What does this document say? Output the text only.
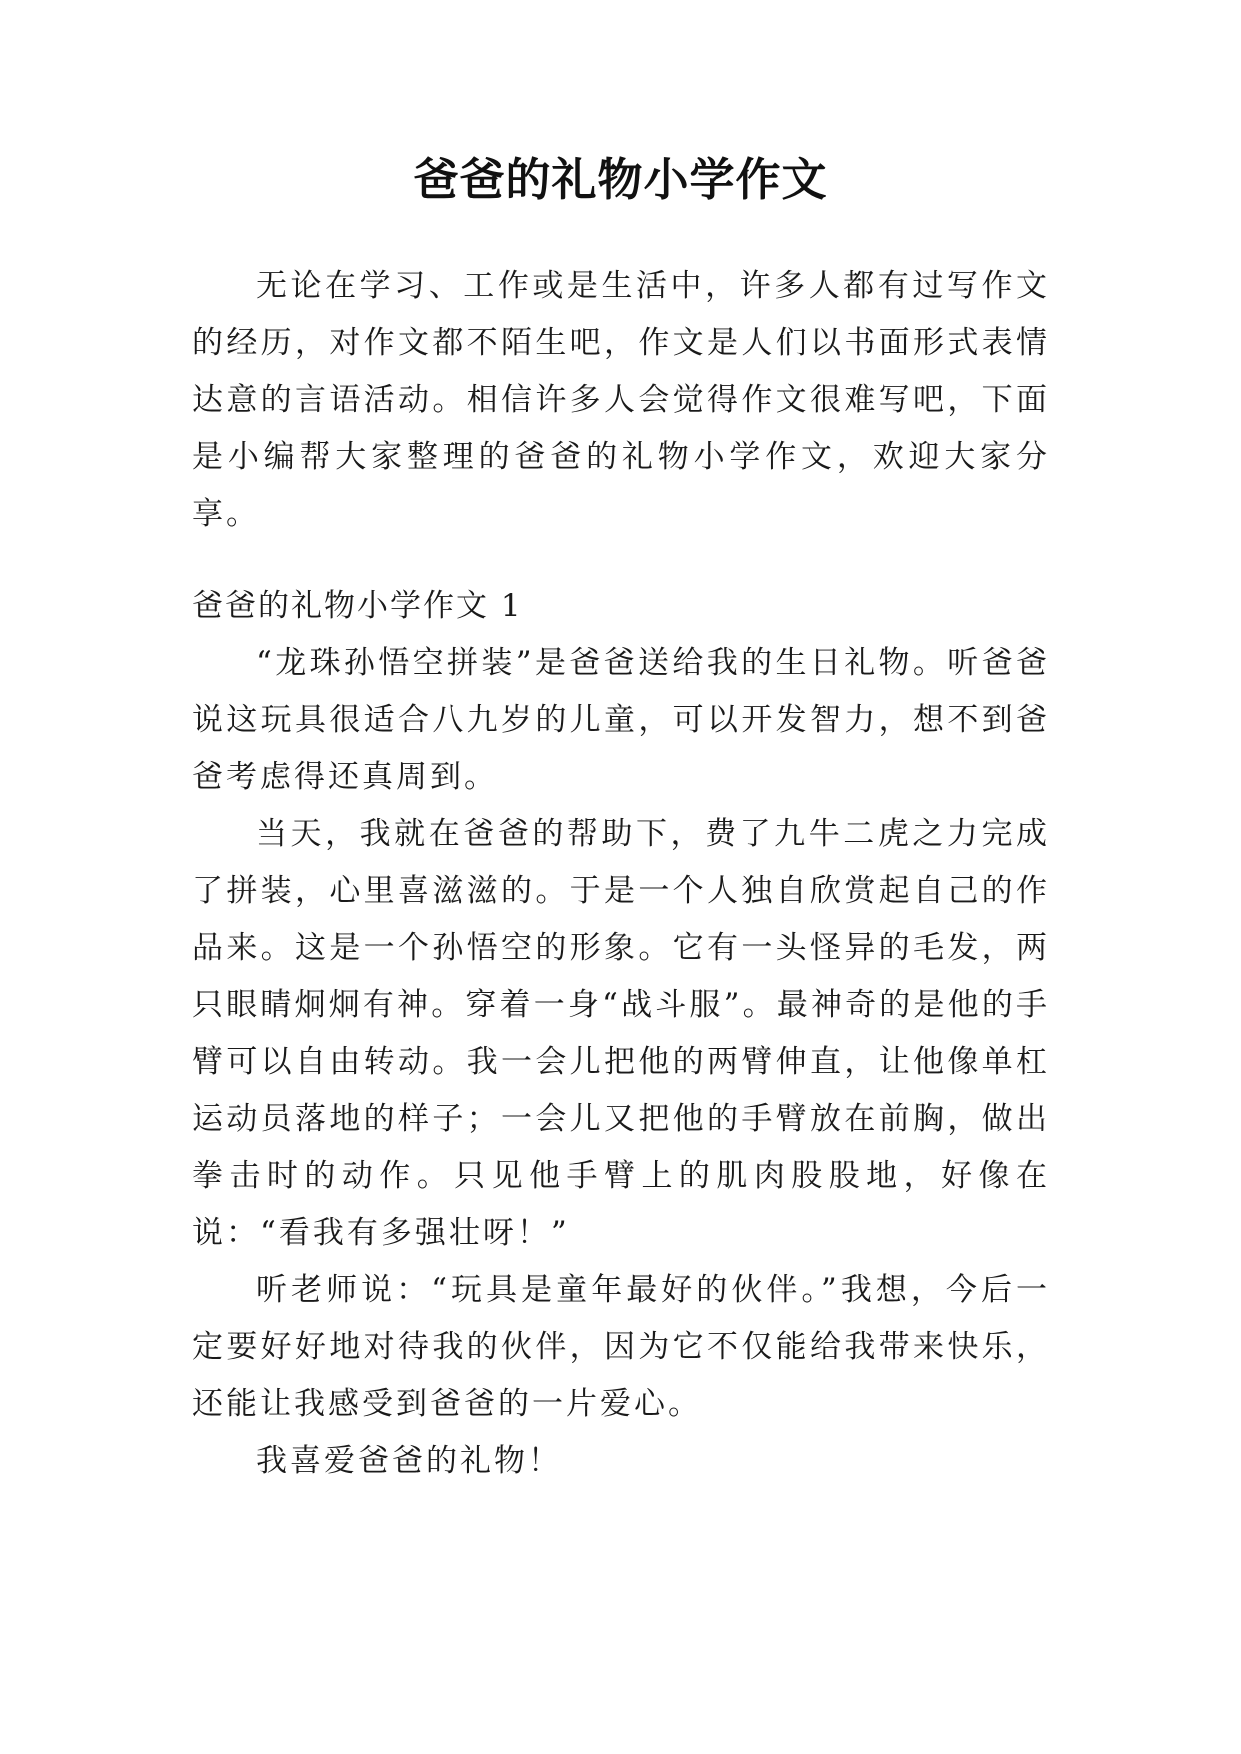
爸爸的礼物小学作文

无论在学习、工作或是生活中，许多人都有过写作文的经历，对作文都不陌生吧，作文是人们以书面形式表情达意的言语活动。相信许多人会觉得作文很难写吧，下面是小编帮大家整理的爸爸的礼物小学作文，欢迎大家分享。

爸爸的礼物小学作文 1

“龙珠孙悟空拼装”是爸爸送给我的生日礼物。听爸爸说这玩具很适合八九岁的儿童，可以开发智力，想不到爸爸考虑得还真周到。

当天，我就在爸爸的帮助下，费了九牛二虎之力完成了拼装，心里喜滋滋的。于是一个人独自欣赏起自己的作品来。这是一个孙悟空的形象。它有一头怪异的毛发，两只眼睛炯炯有神。穿着一身“战斗服”。最神奇的是他的手臂可以自由转动。我一会儿把他的两臂伸直，让他像单杠运动员落地的样子；一会儿又把他的手臂放在前胸，做出拳击时的动作。只见他手臂上的肌肉股股地，好像在说：“看我有多强壮呀！”

听老师说：“玩具是童年最好的伙伴。”我想，今后一定要好好地对待我的伙伴，因为它不仅能给我带来快乐，还能让我感受到爸爸的一片爱心。

我喜爱爸爸的礼物！
